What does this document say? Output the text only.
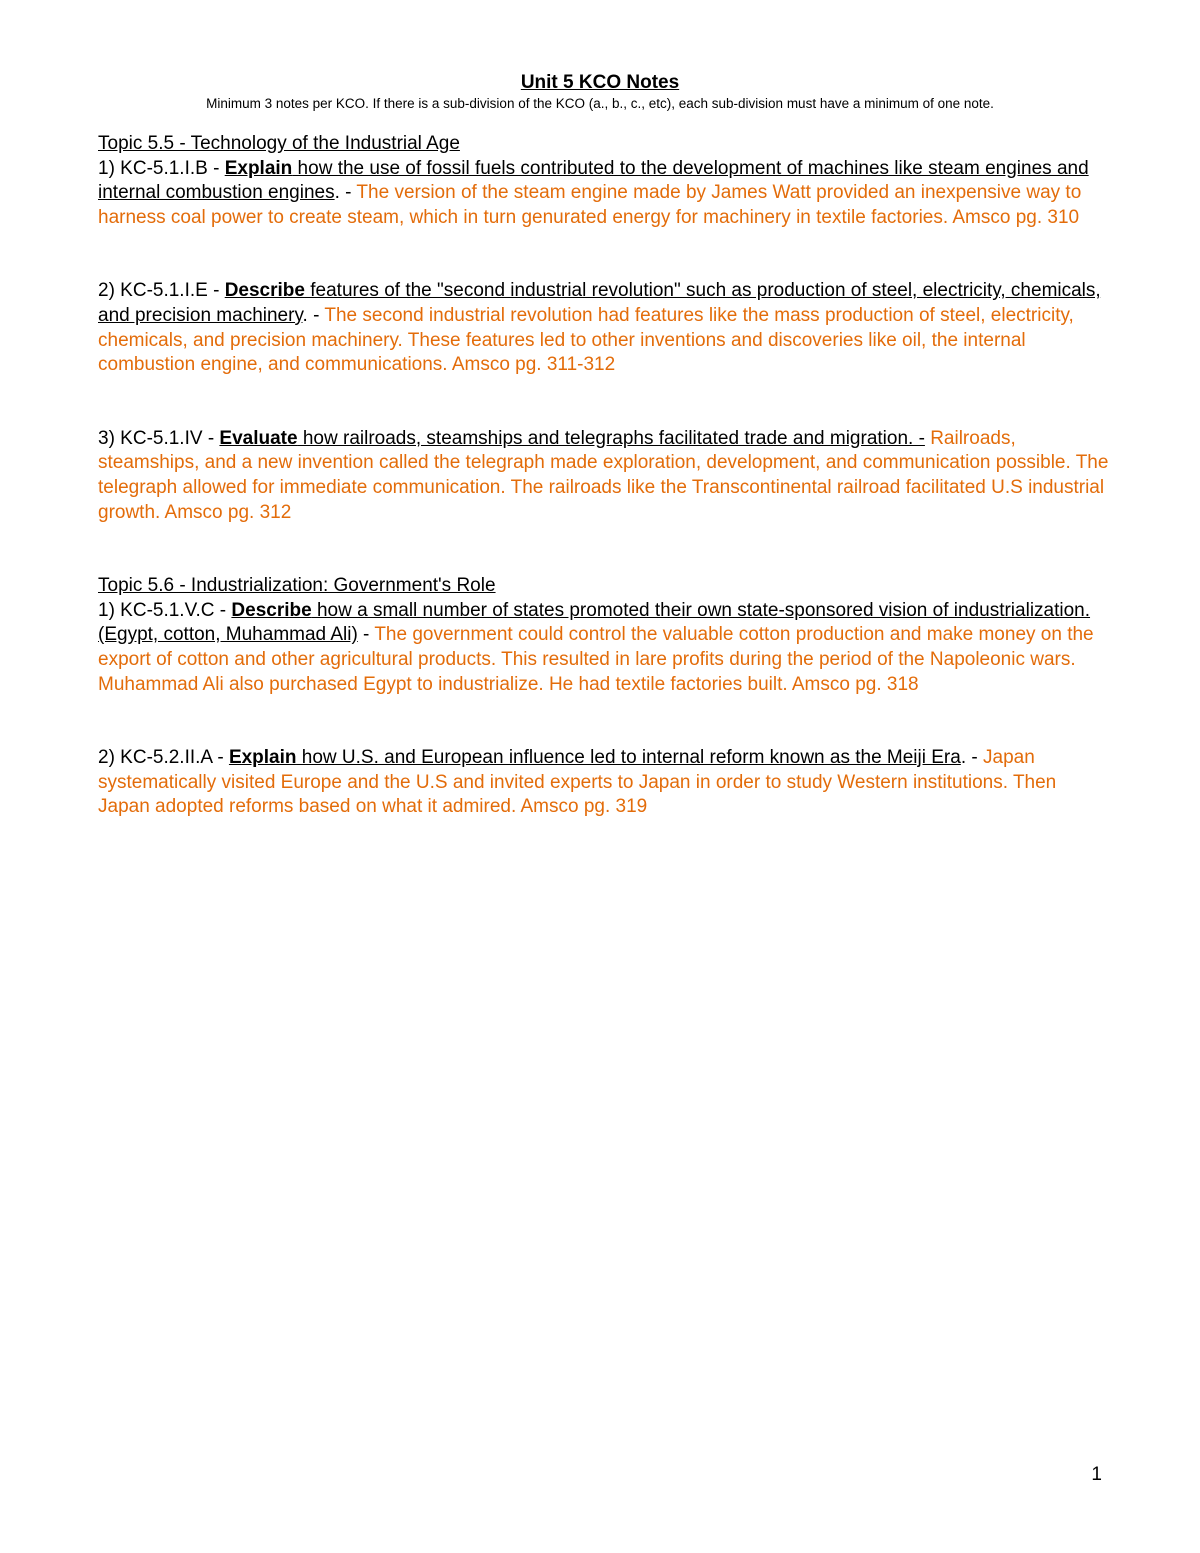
Unit 5 KCO Notes
Minimum 3 notes per KCO. If there is a sub-division of the KCO (a., b., c., etc), each sub-division must have a minimum of one note.
Topic 5.5 - Technology of the Industrial Age

1) KC-5.1.I.B - Explain how the use of fossil fuels contributed to the development of machines like steam engines and internal combustion engines. - The version of the steam engine made by James Watt provided an inexpensive way to harness coal power to create steam, which in turn genurated energy for machinery in textile factories. Amsco pg. 310

2) KC-5.1.I.E - Describe features of the "second industrial revolution" such as production of steel, electricity, chemicals, and precision machinery. - The second industrial revolution had features like the mass production of steel, electricity, chemicals, and precision machinery. These features led to other inventions and discoveries like oil, the internal combustion engine, and communications. Amsco pg. 311-312

3) KC-5.1.IV - Evaluate how railroads, steamships and telegraphs facilitated trade and migration. - Railroads, steamships, and a new invention called the telegraph made exploration, development, and communication possible. The telegraph allowed for immediate communication. The railroads like the Transcontinental railroad facilitated U.S industrial growth. Amsco pg. 312

Topic 5.6 - Industrialization: Government's Role

1) KC-5.1.V.C - Describe how a small number of states promoted their own state-sponsored vision of industrialization. (Egypt, cotton, Muhammad Ali) - The government could control the valuable cotton production and make money on the export of cotton and other agricultural products. This resulted in lare profits during the period of the Napoleonic wars. Muhammad Ali also purchased Egypt to industrialize. He had textile factories built. Amsco pg. 318

2) KC-5.2.II.A - Explain how U.S. and European influence led to internal reform known as the Meiji Era. - Japan systematically visited Europe and the U.S and invited experts to Japan in order to study Western institutions. Then Japan adopted reforms based on what it admired. Amsco pg. 319

1
